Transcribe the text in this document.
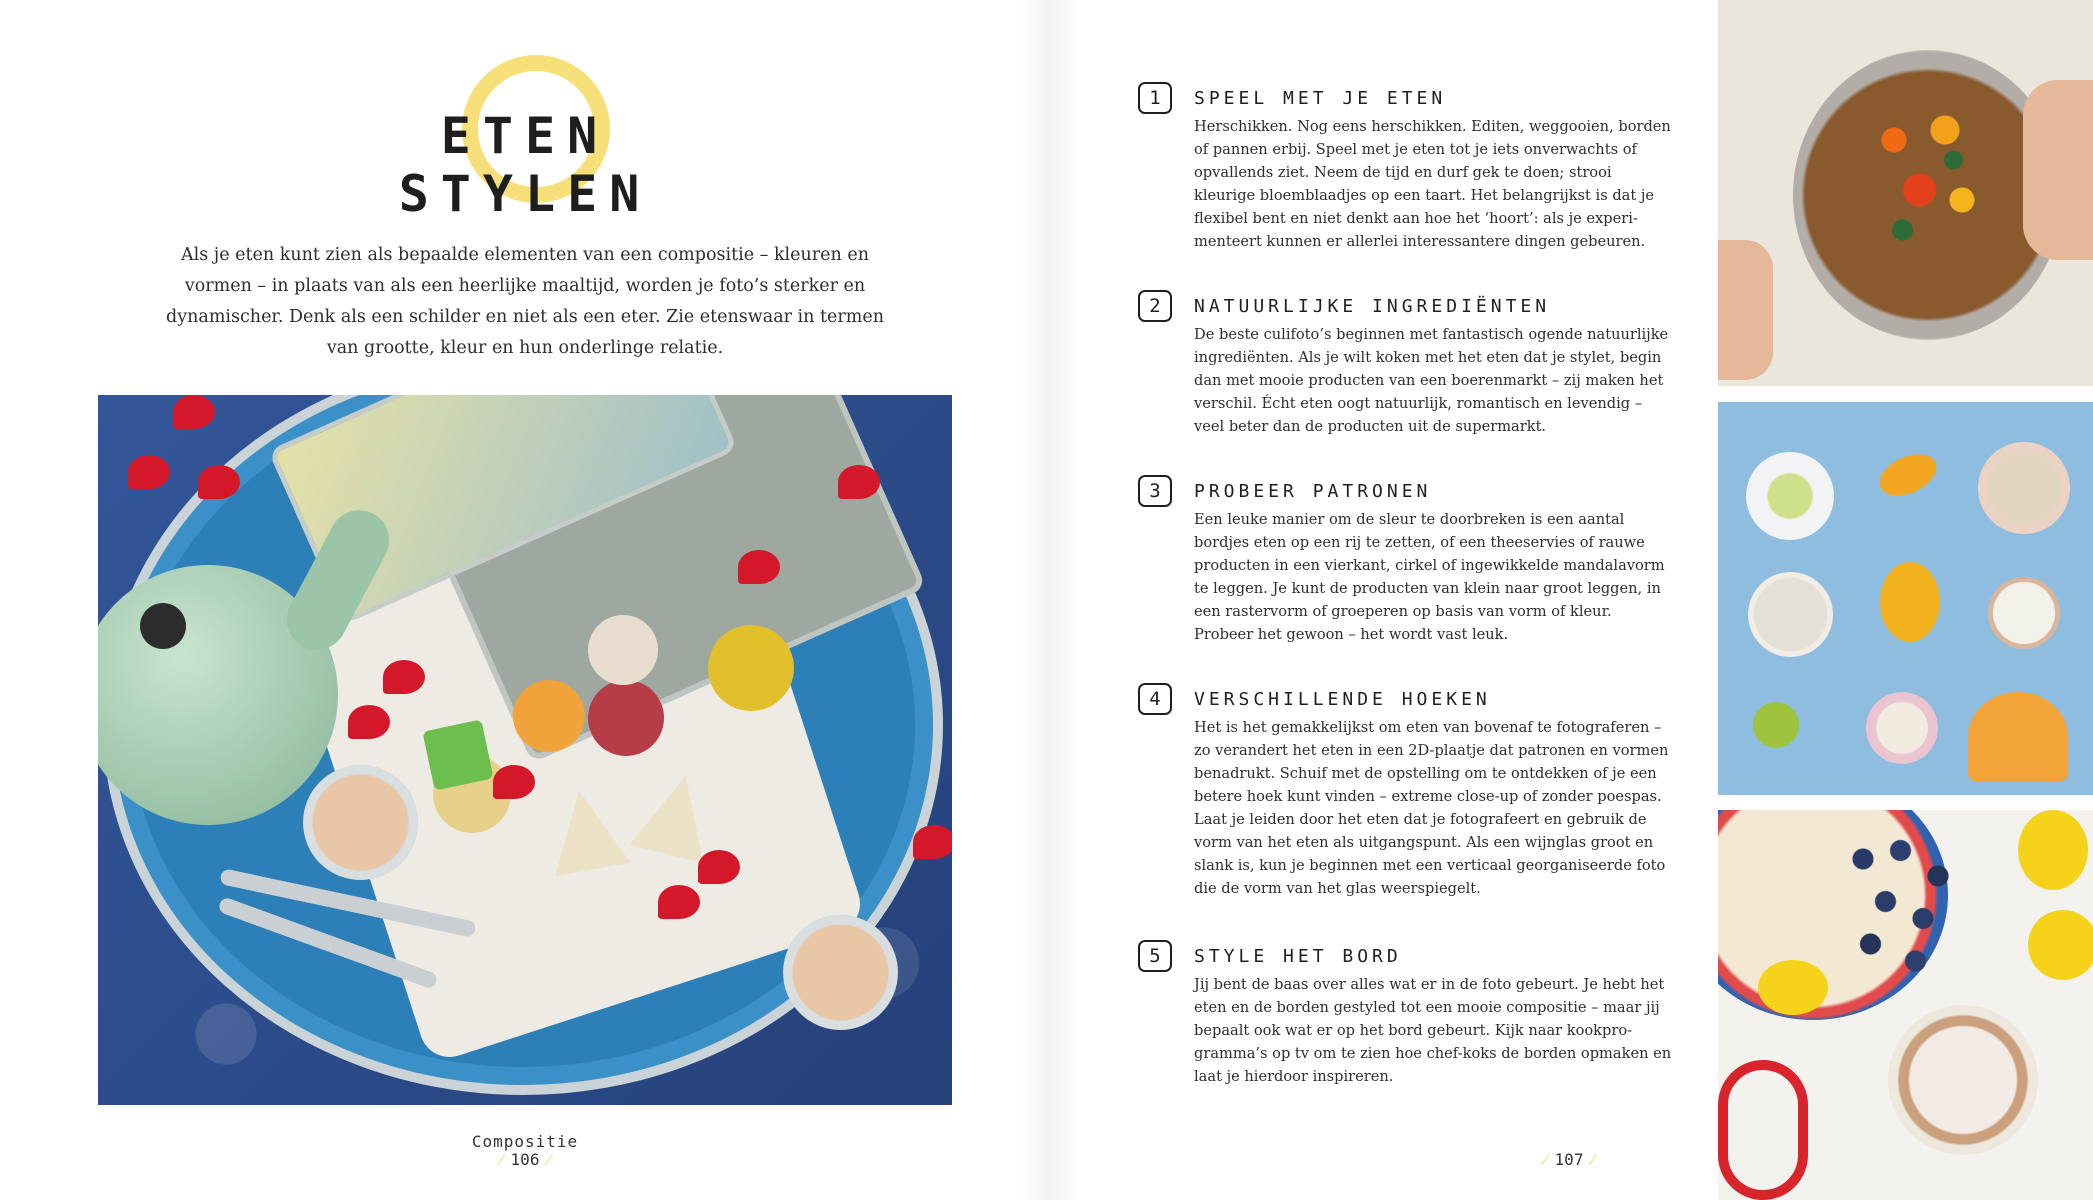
ETEN STYLEN

Als je eten kunt zien als bepaalde elementen van een compositie – kleuren en vormen – in plaats van als een heerlijke maaltijd, worden je foto’s sterker en dynamischer. Denk als een schilder en niet als een eter. Zie etenswaar in termen van grootte, kleur en hun onderlinge relatie.

Compositie
⁄ 106 ⁄
1	SPEEL MET JE ETEN
Herschikken. Nog eens herschikken. Editen, weggooien, borden of pannen erbij. Speel met je eten tot je iets onverwachts of opvallends ziet. Neem de tijd en durf gek te doen; strooi kleurige bloemblaadjes op een taart. Het belangrijkst is dat je flexibel bent en niet denkt aan hoe het ‘hoort’: als je experimenteert kunnen er allerlei interessantere dingen gebeuren.
2	NATUURLIJKE INGREDIËNTEN
De beste culifoto’s beginnen met fantastisch ogende natuurlijke ingrediënten. Als je wilt koken met het eten dat je stylet, begin dan met mooie producten van een boerenmarkt – zij maken het verschil. Écht eten oogt natuurlijk, romantisch en levendig – veel beter dan de producten uit de supermarkt.
3	PROBEER PATRONEN
Een leuke manier om de sleur te doorbreken is een aantal bordjes eten op een rij te zetten, of een theeservies of rauwe producten in een vierkant, cirkel of ingewikkelde mandalavorm te leggen. Je kunt de producten van klein naar groot leggen, in een rastervorm of groeperen op basis van vorm of kleur. Probeer het gewoon – het wordt vast leuk.
4	VERSCHILLENDE HOEKEN
Het is het gemakkelijkst om eten van bovenaf te fotograferen – zo verandert het eten in een 2D-plaatje dat patronen en vormen benadrukt. Schuif met de opstelling om te ontdekken of je een betere hoek kunt vinden – extreme close-up of zonder poespas. Laat je leiden door het eten dat je fotografeert en gebruik de vorm van het eten als uitgangspunt. Als een wijnglas groot en slank is, kun je beginnen met een verticaal georganiseerde foto die de vorm van het glas weerspiegelt.
5	STYLE HET BORD
Jij bent de baas over alles wat er in de foto gebeurt. Je hebt het eten en de borden gestyled tot een mooie compositie – maar jij bepaalt ook wat er op het bord gebeurt. Kijk naar kookprogramma’s op tv om te zien hoe chef-koks de borden opmaken en laat je hierdoor inspireren.
⁄ 107 ⁄
